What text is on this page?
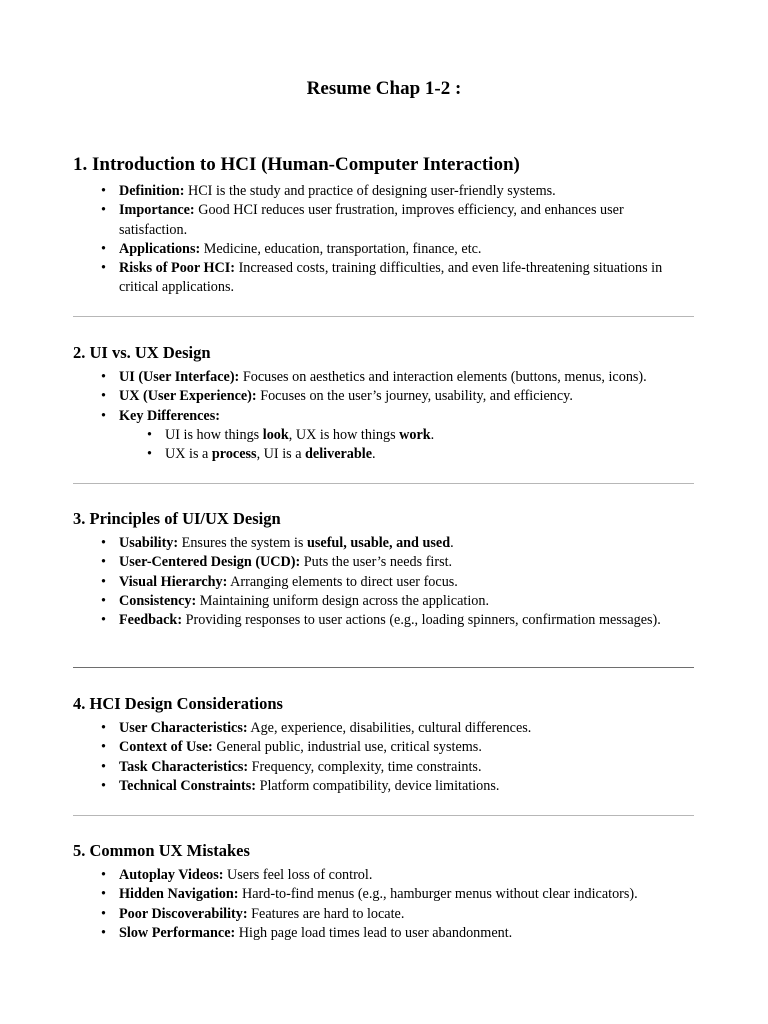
Resume Chap 1-2 :
1. Introduction to HCI (Human-Computer Interaction)
• Definition: HCI is the study and practice of designing user-friendly systems.
• Importance: Good HCI reduces user frustration, improves efficiency, and enhances user satisfaction.
• Applications: Medicine, education, transportation, finance, etc.
• Risks of Poor HCI: Increased costs, training difficulties, and even life-threatening situations in critical applications.
2. UI vs. UX Design
• UI (User Interface): Focuses on aesthetics and interaction elements (buttons, menus, icons).
• UX (User Experience): Focuses on the user’s journey, usability, and efficiency.
• Key Differences:
• UI is how things look, UX is how things work.
• UX is a process, UI is a deliverable.
3. Principles of UI/UX Design
• Usability: Ensures the system is useful, usable, and used.
• User-Centered Design (UCD): Puts the user’s needs first.
• Visual Hierarchy: Arranging elements to direct user focus.
• Consistency: Maintaining uniform design across the application.
• Feedback: Providing responses to user actions (e.g., loading spinners, confirmation messages).
4. HCI Design Considerations
• User Characteristics: Age, experience, disabilities, cultural differences.
• Context of Use: General public, industrial use, critical systems.
• Task Characteristics: Frequency, complexity, time constraints.
• Technical Constraints: Platform compatibility, device limitations.
5. Common UX Mistakes
• Autoplay Videos: Users feel loss of control.
• Hidden Navigation: Hard-to-find menus (e.g., hamburger menus without clear indicators).
• Poor Discoverability: Features are hard to locate.
• Slow Performance: High page load times lead to user abandonment.
